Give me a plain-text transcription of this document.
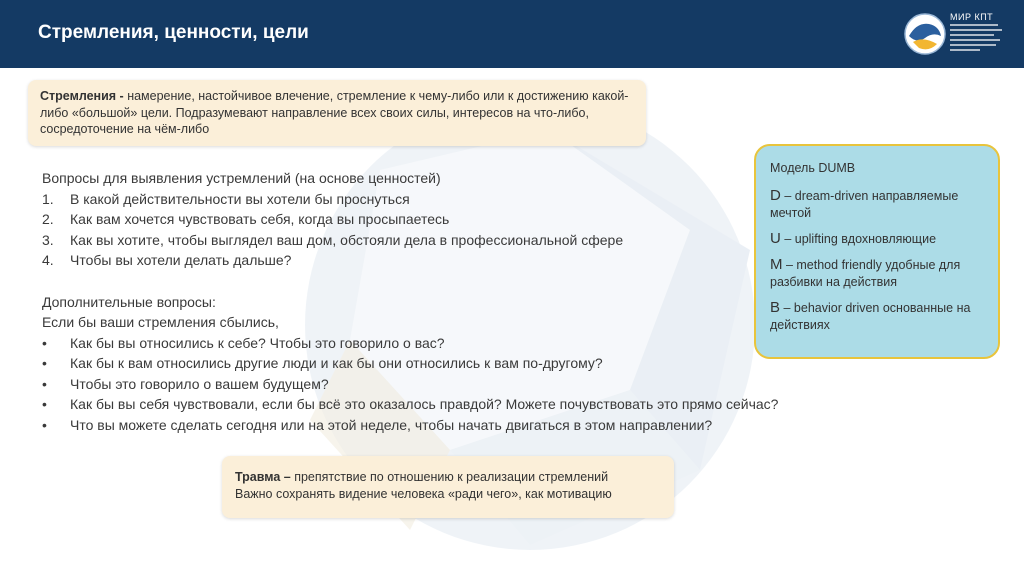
Стремления, ценности, цели
МИР КПТ
Стремления - намерение, настойчивое влечение, стремление к чему-либо или к достижению какой-либо «большой» цели. Подразумевают направление всех своих силы, интересов на что-либо, сосредоточение на чём-либо

Вопросы для выявления устремлений (на основе ценностей)

1. В какой действительности вы хотели бы проснуться
2. Как вам хочется чувствовать себя, когда вы просыпаетесь
3. Как вы хотите, чтобы выглядел ваш дом, обстояли дела в профессиональной сфере
4. Чтобы вы хотели делать дальше?

Дополнительные вопросы:

Если бы ваши стремления сбылись,

• Как бы вы относились к себе? Чтобы это говорило о вас?
• Как бы к вам относились другие люди и как бы они относились к вам по-другому?
• Чтобы это говорило о вашем будущем?
• Как бы вы себя чувствовали, если бы всё это оказалось правдой? Можете почувствовать это прямо сейчас?
• Что вы можете сделать сегодня или на этой неделе, чтобы начать двигаться в этом направлении?
Модель DUMB
D – dream-driven направляемые мечтой
U – uplifting вдохновляющие
M – method friendly удобные для разбивки на действия
B – behavior driven основанные на действиях
Травма – препятствие по отношению к реализации стремлений
Важно сохранять видение человека «ради чего», как мотивацию
